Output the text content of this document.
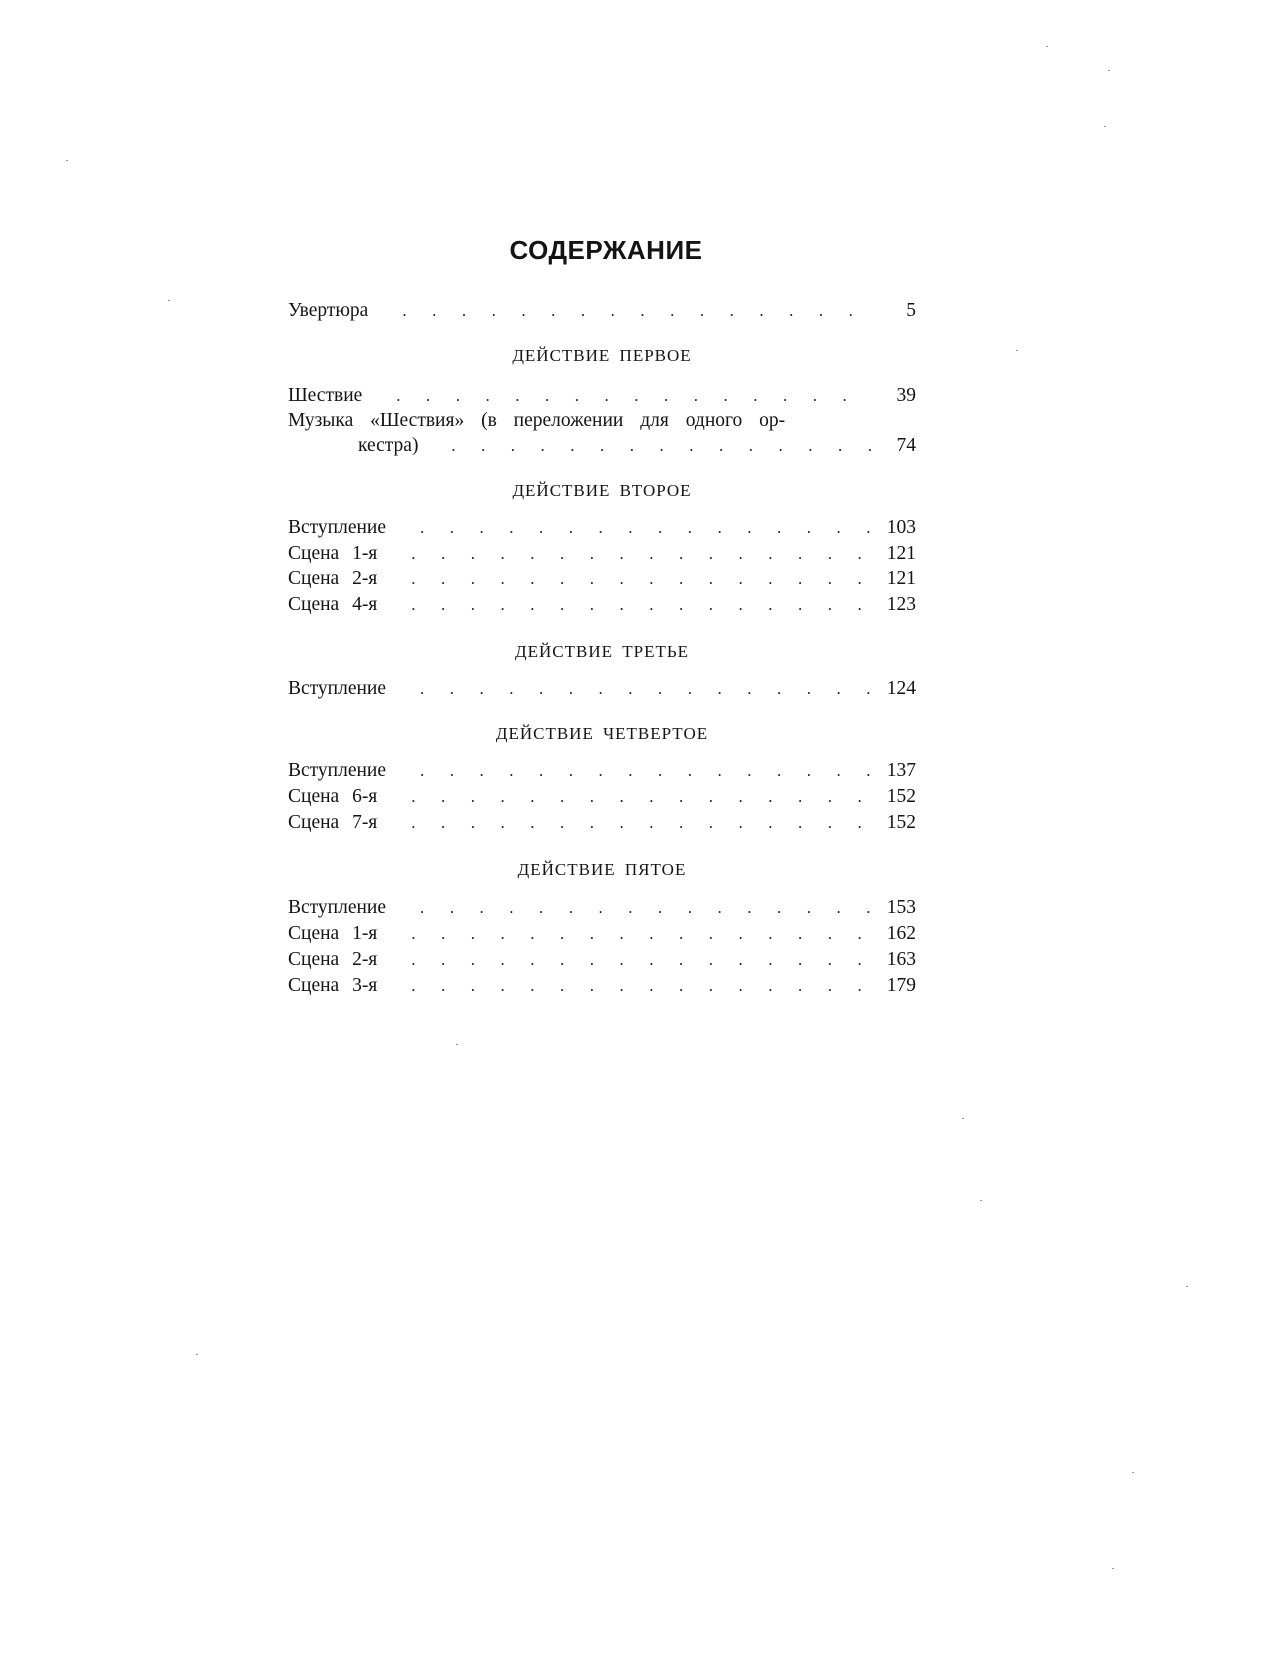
СОДЕРЖАНИЕ
Увертюра .	5
ДЕЙСТВИЕ ПЕРВОЕ
Шествие .	39
Музыка «Шествия» (в переложении для одного ор-
кестра) .	74
ДЕЙСТВИЕ ВТОРОЕ
Вступление .	103
Сцена 1-я .	121
Сцена 2-я .	121
Сцена 4-я .	123
ДЕЙСТВИЕ ТРЕТЬЕ
Вступление .	124
ДЕЙСТВИЕ ЧЕТВЕРТОЕ
Вступление .	137
Сцена 6-я .	152
Сцена 7-я .	152
ДЕЙСТВИЕ ПЯТОЕ
Вступление .	153
Сцена 1-я .	162
Сцена 2-я .	163
Сцена 3-я .	179
